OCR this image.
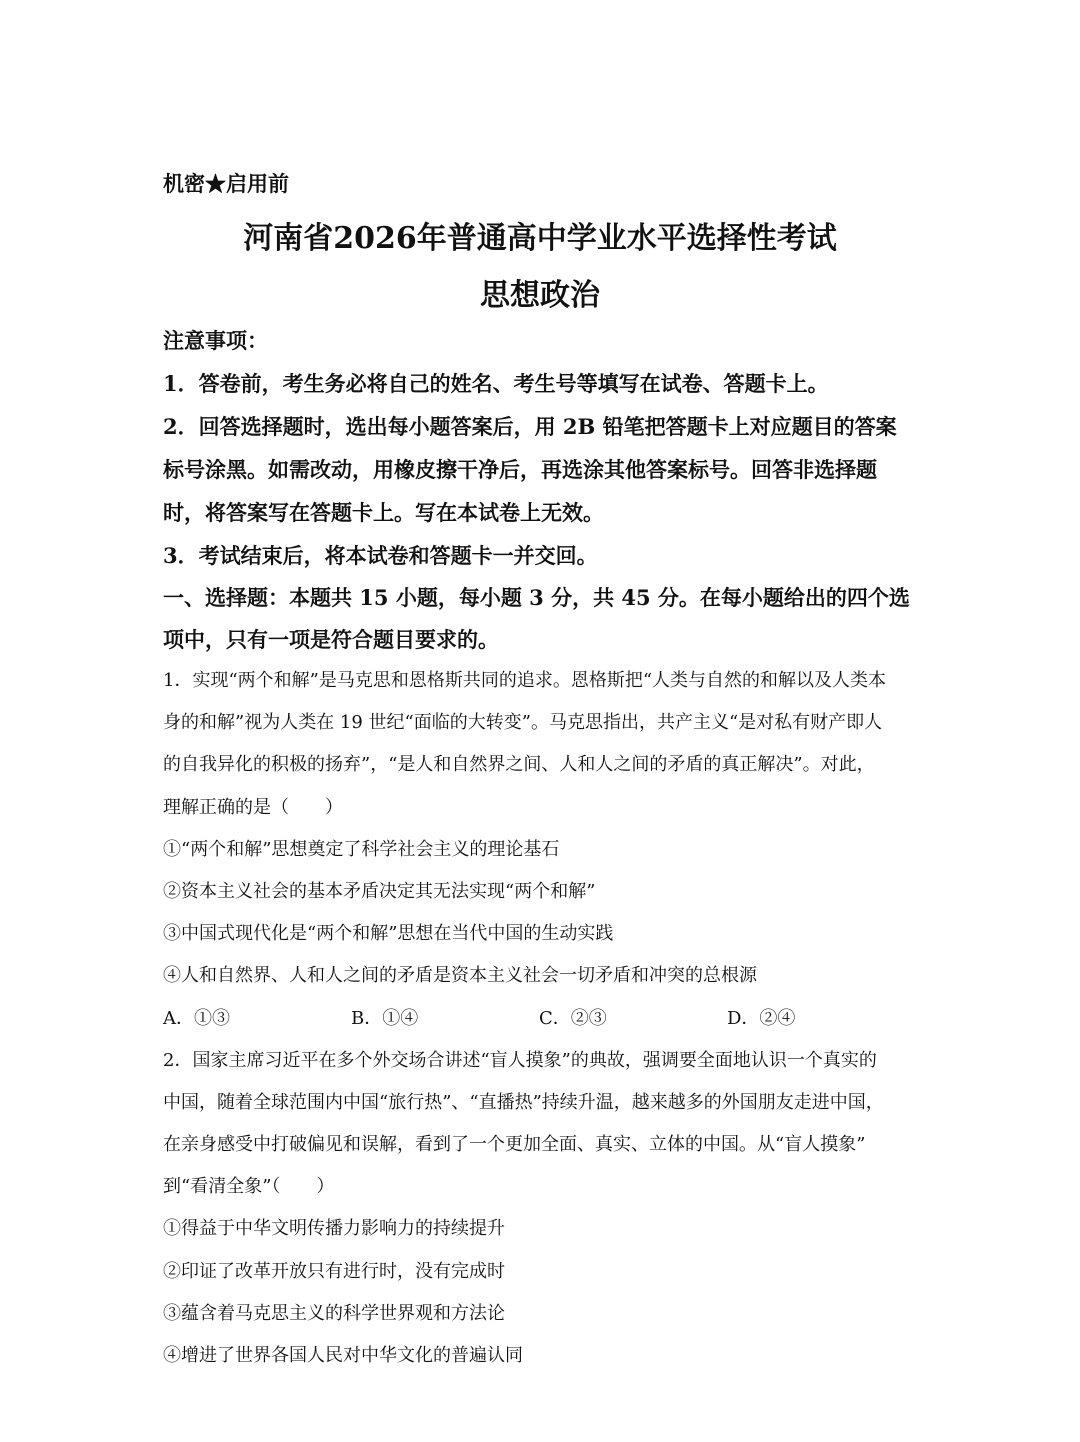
机密★启用前
河南省2026年普通高中学业水平选择性考试
思想政治
注意事项：
1．答卷前，考生务必将自己的姓名、考生号等填写在试卷、答题卡上。
2．回答选择题时，选出每小题答案后，用 2B 铅笔把答题卡上对应题目的答案
标号涂黑。如需改动，用橡皮擦干净后，再选涂其他答案标号。回答非选择题
时，将答案写在答题卡上。写在本试卷上无效。
3．考试结束后，将本试卷和答题卡一并交回。
一、选择题：本题共 15 小题，每小题 3 分，共 45 分。在每小题给出的四个选
项中，只有一项是符合题目要求的。
1．实现“两个和解”是马克思和恩格斯共同的追求。恩格斯把“人类与自然的和解以及人类本
身的和解”视为人类在 19 世纪“面临的大转变”。马克思指出，共产主义“是对私有财产即人
的自我异化的积极的扬弃”，“是人和自然界之间、人和人之间的矛盾的真正解决”。对此，
理解正确的是（　　）
①“两个和解”思想奠定了科学社会主义的理论基石
②资本主义社会的基本矛盾决定其无法实现“两个和解”
③中国式现代化是“两个和解”思想在当代中国的生动实践
④人和自然界、人和人之间的矛盾是资本主义社会一切矛盾和冲突的总根源
A．①③	B．①④	C．②③	D．②④
2．国家主席习近平在多个外交场合讲述“盲人摸象”的典故，强调要全面地认识一个真实的
中国，随着全球范围内中国“旅行热”、“直播热”持续升温，越来越多的外国朋友走进中国，
在亲身感受中打破偏见和误解，看到了一个更加全面、真实、立体的中国。从“盲人摸象”
到“看清全象”（　　）
①得益于中华文明传播力影响力的持续提升
②印证了改革开放只有进行时，没有完成时
③蕴含着马克思主义的科学世界观和方法论
④增进了世界各国人民对中华文化的普遍认同
